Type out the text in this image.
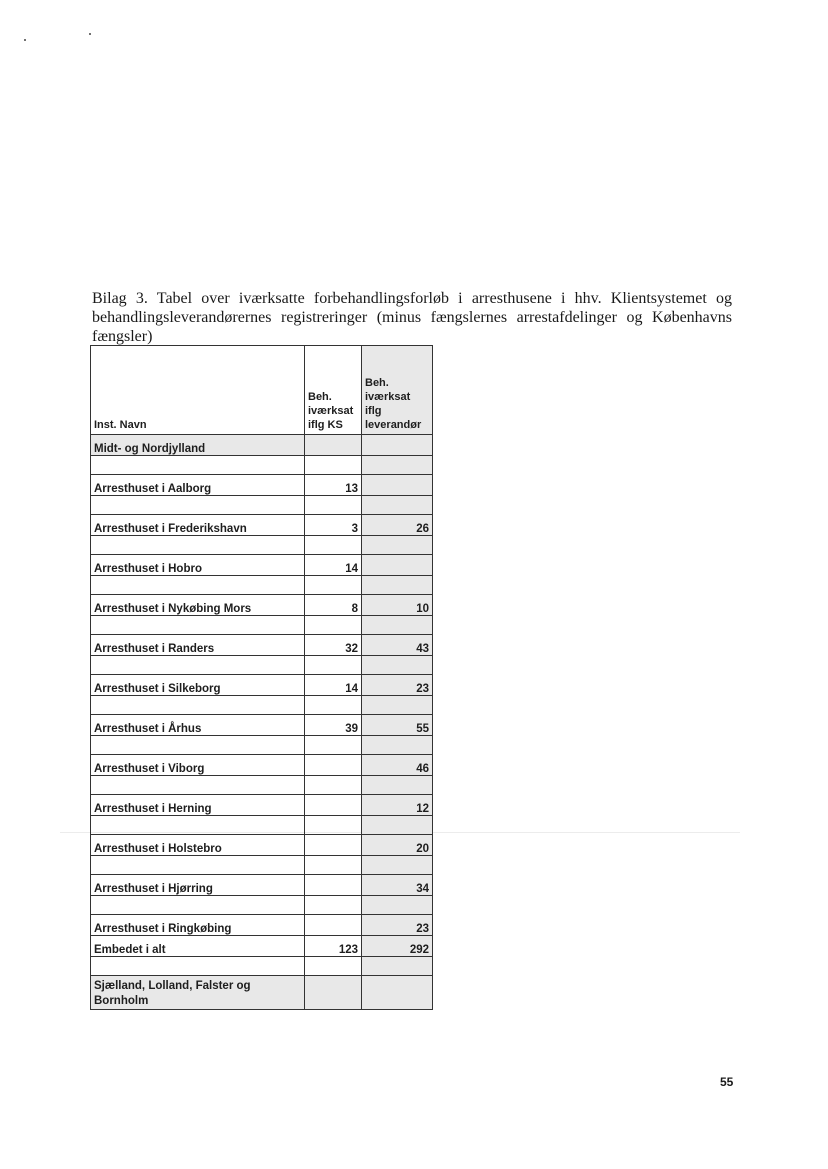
Bilag 3. Tabel over iværksatte forbehandlingsforløb i arresthusene i hhv. Klientsystemet og behandlingsleverandørernes registreringer (minus fængslernes arrestafdelinger og Københavns fængsler)
Inst. Navn	Beh. iværksat iflg KS	Beh. iværksat iflg leverandør
Midt- og Nordjylland		

Arresthuset i Aalborg	13	

Arresthuset i Frederikshavn	3	26

Arresthuset i Hobro	14	

Arresthuset i Nykøbing Mors	8	10

Arresthuset i Randers	32	43

Arresthuset i Silkeborg	14	23

Arresthuset i Århus	39	55

Arresthuset i Viborg		46

Arresthuset i Herning		12

Arresthuset i Holstebro		20

Arresthuset i Hjørring		34

Arresthuset i Ringkøbing		23
Embedet i alt	123	292

Sjælland, Lolland, Falster og Bornholm		
55
